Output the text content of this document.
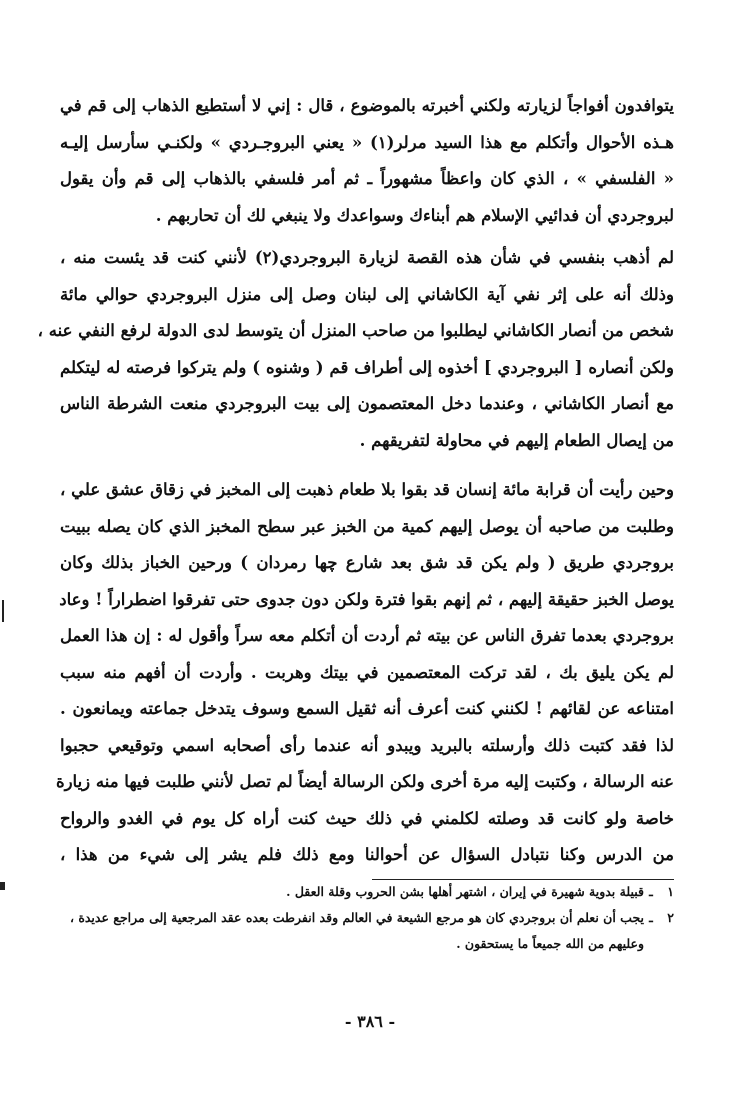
يتوافدون أفواجاً لزيارته ولكني أخبرته بالموضوع ، قال : إني لا أستطيع الذهاب إلى قم في
هـذه الأحوال وأتكلم مع هذا السيد مرلر(١) « يعني البروجـردي » ولكنـي سأرسل إليـه
« الفلسفي » ، الذي كان واعظاً مشهوراً ـ ثم أمر فلسفي بالذهاب إلى قم وأن يقول
لبروجردي أن فدائيي الإسلام هم أبناءك وسواعدك ولا ينبغي لك أن تحاربهم .
لم أذهب بنفسي في شأن هذه القصة لزيارة البروجردي(٢) لأنني كنت قد يئست منه ،
وذلك أنه على إثر نفي آية الكاشاني إلى لبنان وصل إلى منزل البروجردي حوالي مائة
شخص من أنصار الكاشاني ليطلبوا من صاحب المنزل أن يتوسط لدى الدولة لرفع النفي عنه ،
ولكن أنصاره [ البروجردي ] أخذوه إلى أطراف قم ( وشنوه ) ولم يتركوا فرصته له ليتكلم
مع أنصار الكاشاني ، وعندما دخل المعتصمون إلى بيت البروجردي منعت الشرطة الناس
من إيصال الطعام إليهم في محاولة لتفريقهم .
وحين رأيت أن قرابة مائة إنسان قد بقوا بلا طعام ذهبت إلى المخبز في زقاق عشق علي ،
وطلبت من صاحبه أن يوصل إليهم كمية من الخبز عبر سطح المخبز الذي كان يصله ببيت
بروجردي طريق ( ولم يكن قد شق بعد شارع چها رمردان ) ورحين الخباز بذلك وكان
يوصل الخبز حقيقة إليهم ، ثم إنهم بقوا فترة ولكن دون جدوى حتى تفرقوا اضطراراً ! وعاد
بروجردي بعدما تفرق الناس عن بيته ثم أردت أن أتكلم معه سراً وأقول له : إن هذا العمل
لم يكن يليق بك ، لقد تركت المعتصمين في بيتك وهربت . وأردت أن أفهم منه سبب
امتناعه عن لقائهم ! لكنني كنت أعرف أنه ثقيل السمع وسوف يتدخل جماعته ويمانعون .
لذا فقد كتبت ذلك وأرسلته بالبريد ويبدو أنه عندما رأى أصحابه اسمي وتوقيعي حجبوا
عنه الرسالة ، وكتبت إليه مرة أخرى ولكن الرسالة أيضاً لم تصل لأنني طلبت فيها منه زيارة
خاصة ولو كانت قد وصلته لكلمني في ذلك حيث كنت أراه كل يوم في الغدو والرواح
من الدرس وكنا نتبادل السؤال عن أحوالنا ومع ذلك فلم يشر إلى شيء من هذا ،
١ـقبيلة بدوية شهيرة في إيران ، اشتهر أهلها بشن الحروب وقلة العقل .
٢ـيجب أن نعلم أن بروجردي كان هو مرجع الشيعة في العالم وقد انفرطت بعده عقد المرجعية إلى مراجع عديدة ،
وعليهم من الله جميعاً ما يستحقون .
- ٣٨٦ -
